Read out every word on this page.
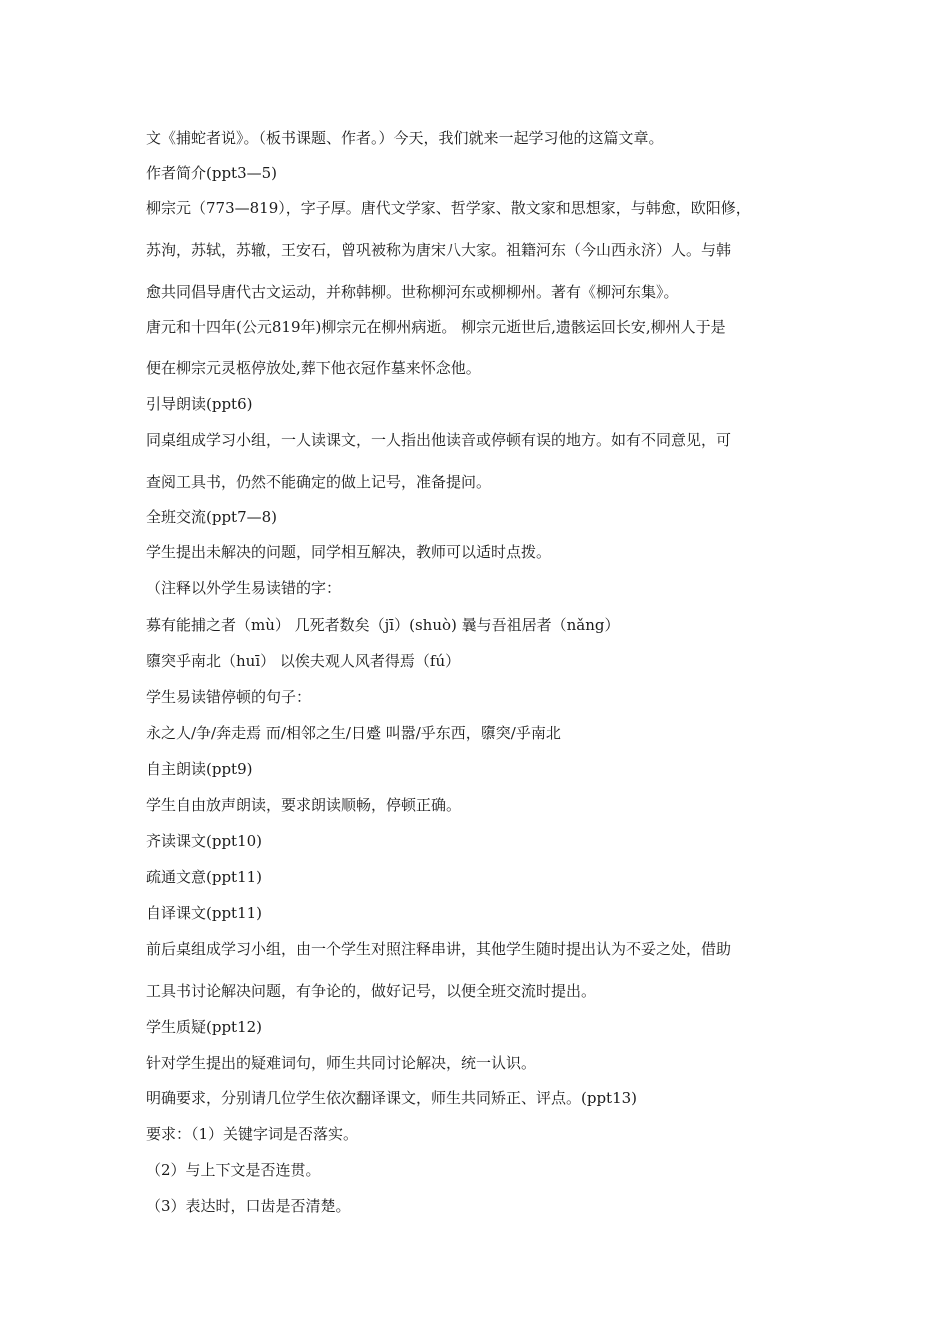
文《捕蛇者说》。（板书课题、作者。）今天，我们就来一起学习他的这篇文章。
作者简介(ppt3—5)
柳宗元（773—819），字子厚。唐代文学家、哲学家、散文家和思想家，与韩愈，欧阳修，
苏洵，苏轼，苏辙，王安石，曾巩被称为唐宋八大家。祖籍河东（今山西永济）人。与韩
愈共同倡导唐代古文运动，并称韩柳。世称柳河东或柳柳州。著有《柳河东集》。
唐元和十四年(公元819年)柳宗元在柳州病逝。 柳宗元逝世后,遗骸运回长安,柳州人于是
便在柳宗元灵柩停放处,葬下他衣冠作墓来怀念他。
引导朗读(ppt6)
同桌组成学习小组，一人读课文，一人指出他读音或停顿有误的地方。如有不同意见，可
查阅工具书，仍然不能确定的做上记号，准备提问。
全班交流(ppt7—8)
学生提出未解决的问题，同学相互解决，教师可以适时点拨。
（注释以外学生易读错的字：
募有能捕之者（mù） 几死者数矣（jī）(shuò) 曩与吾祖居者（nǎng）
隳突乎南北（huī） 以俟夫观人风者得焉（fú）
学生易读错停顿的句子：
永之人/争/奔走焉 而/相邻之生/日蹙 叫嚣/乎东西，隳突/乎南北
自主朗读(ppt9)
学生自由放声朗读，要求朗读顺畅，停顿正确。
齐读课文(ppt10)
疏通文意(ppt11)
自译课文(ppt11)
前后桌组成学习小组，由一个学生对照注释串讲，其他学生随时提出认为不妥之处，借助
工具书讨论解决问题，有争论的，做好记号，以便全班交流时提出。
学生质疑(ppt12)
针对学生提出的疑难词句，师生共同讨论解决，统一认识。
明确要求，分别请几位学生依次翻译课文，师生共同矫正、评点。(ppt13)
要求：（1）关键字词是否落实。
（2）与上下文是否连贯。
（3）表达时，口齿是否清楚。
